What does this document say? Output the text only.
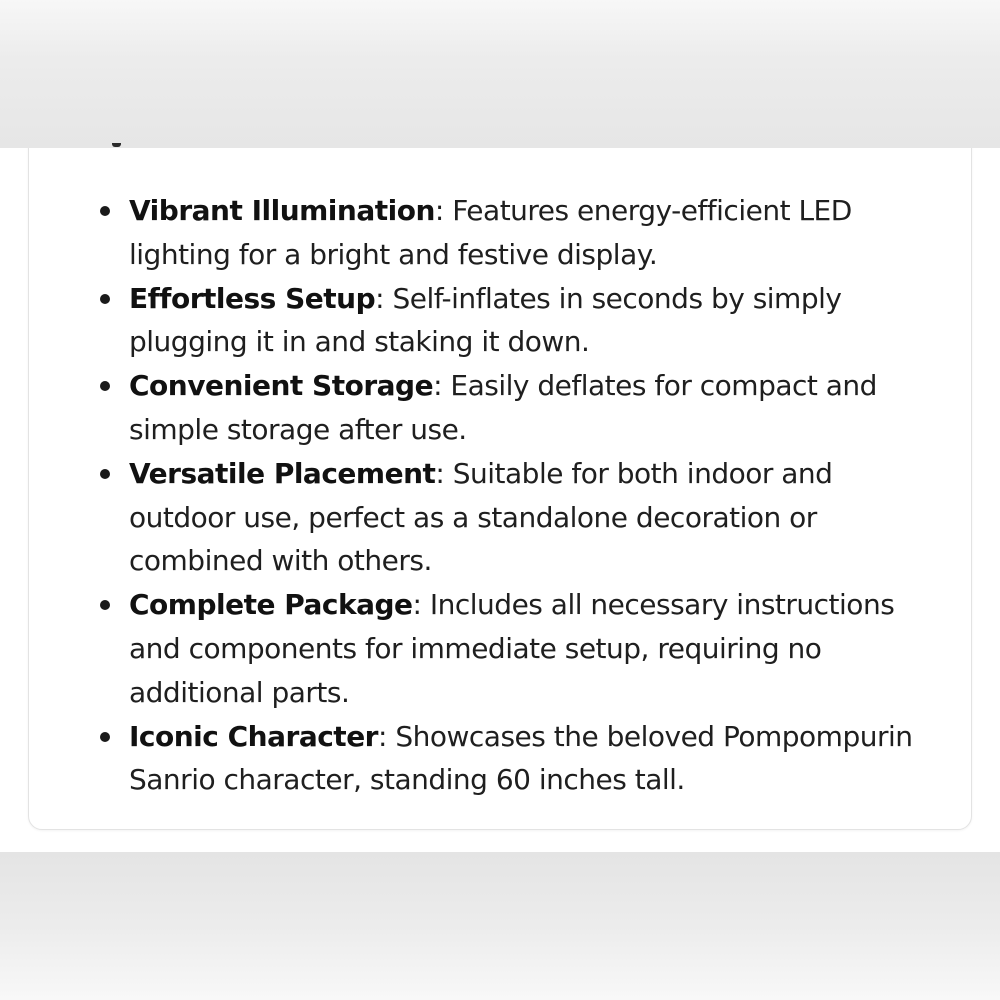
Vibrant Illumination: Features energy-efficient LED lighting for a bright and festive display.
Effortless Setup: Self-inflates in seconds by simply plugging it in and staking it down.
Convenient Storage: Easily deflates for compact and simple storage after use.
Versatile Placement: Suitable for both indoor and outdoor use, perfect as a standalone decoration or combined with others.
Complete Package: Includes all necessary instructions and components for immediate setup, requiring no additional parts.
Iconic Character: Showcases the beloved Pompompurin Sanrio character, standing 60 inches tall.
